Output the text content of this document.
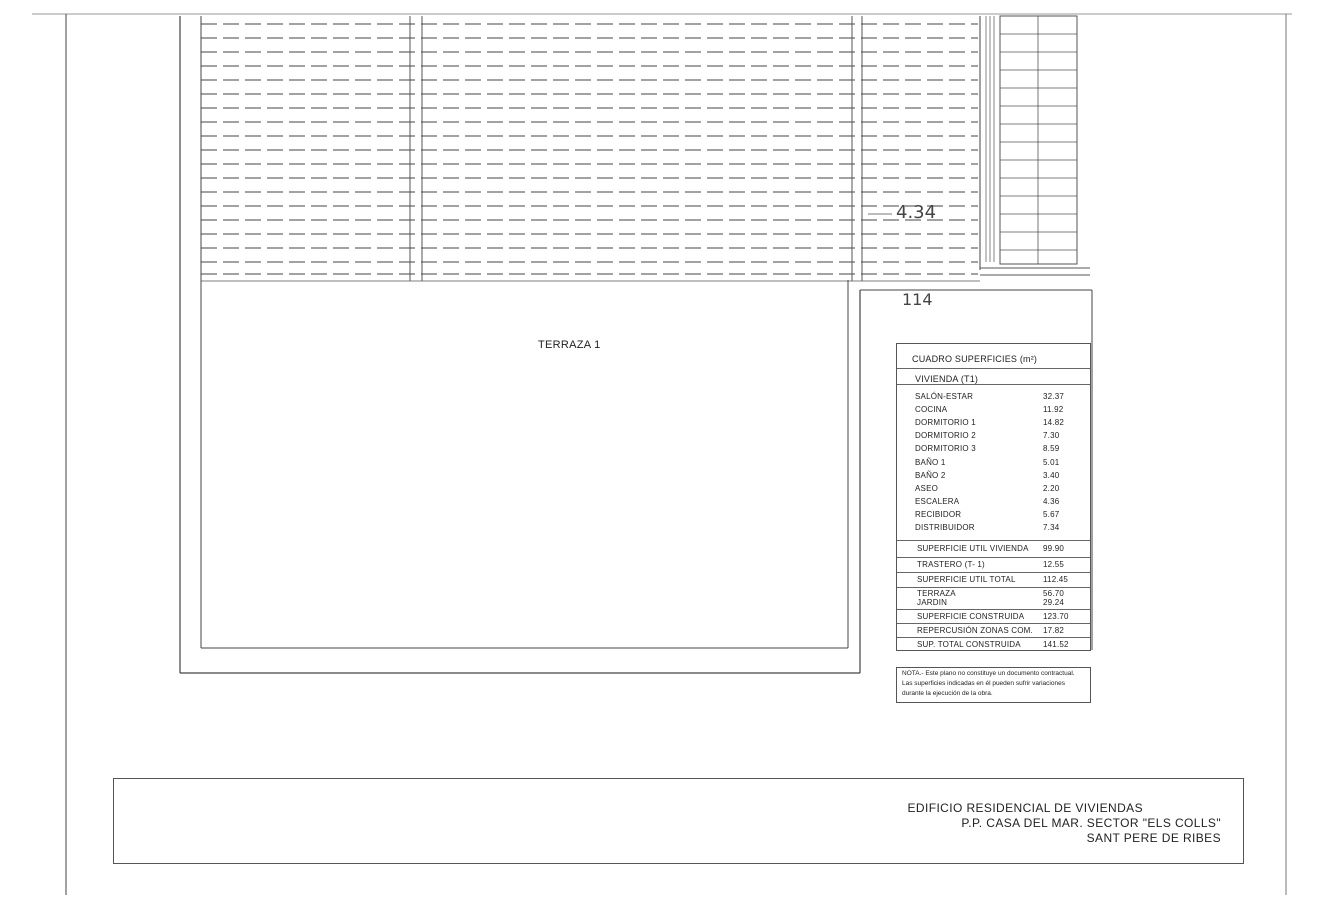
TERRAZA 1
4.34
114
CUADRO SUPERFICIES (m²)
VIVIENDA (T1)
SALÓN-ESTAR	32.37
COCINA	11.92
DORMITORIO 1	14.82
DORMITORIO 2	7.30
DORMITORIO 3	8.59
BAÑO 1	5.01
BAÑO 2	3.40
ASEO	2.20
ESCALERA	4.36
RECIBIDOR	5.67
DISTRIBUIDOR	7.34
SUPERFICIE UTIL VIVIENDA 99.90
TRASTERO (T- 1)	12.55
SUPERFICIE UTIL TOTAL	112.45
TERRAZA	56.70
JARDIN	29.24
SUPERFICIE CONSTRUIDA 123.70
REPERCUSIÓN ZONAS COM. 17.82
SUP. TOTAL CONSTRUIDA	141.52
NOTA.- Este plano no constituye un documento contractual.
Las superficies indicadas en él pueden sufrir variaciones
durante la ejecución de la obra.
EDIFICIO RESIDENCIAL DE VIVIENDAS
P.P. CASA DEL MAR. SECTOR "ELS COLLS"
SANT PERE DE RIBES
